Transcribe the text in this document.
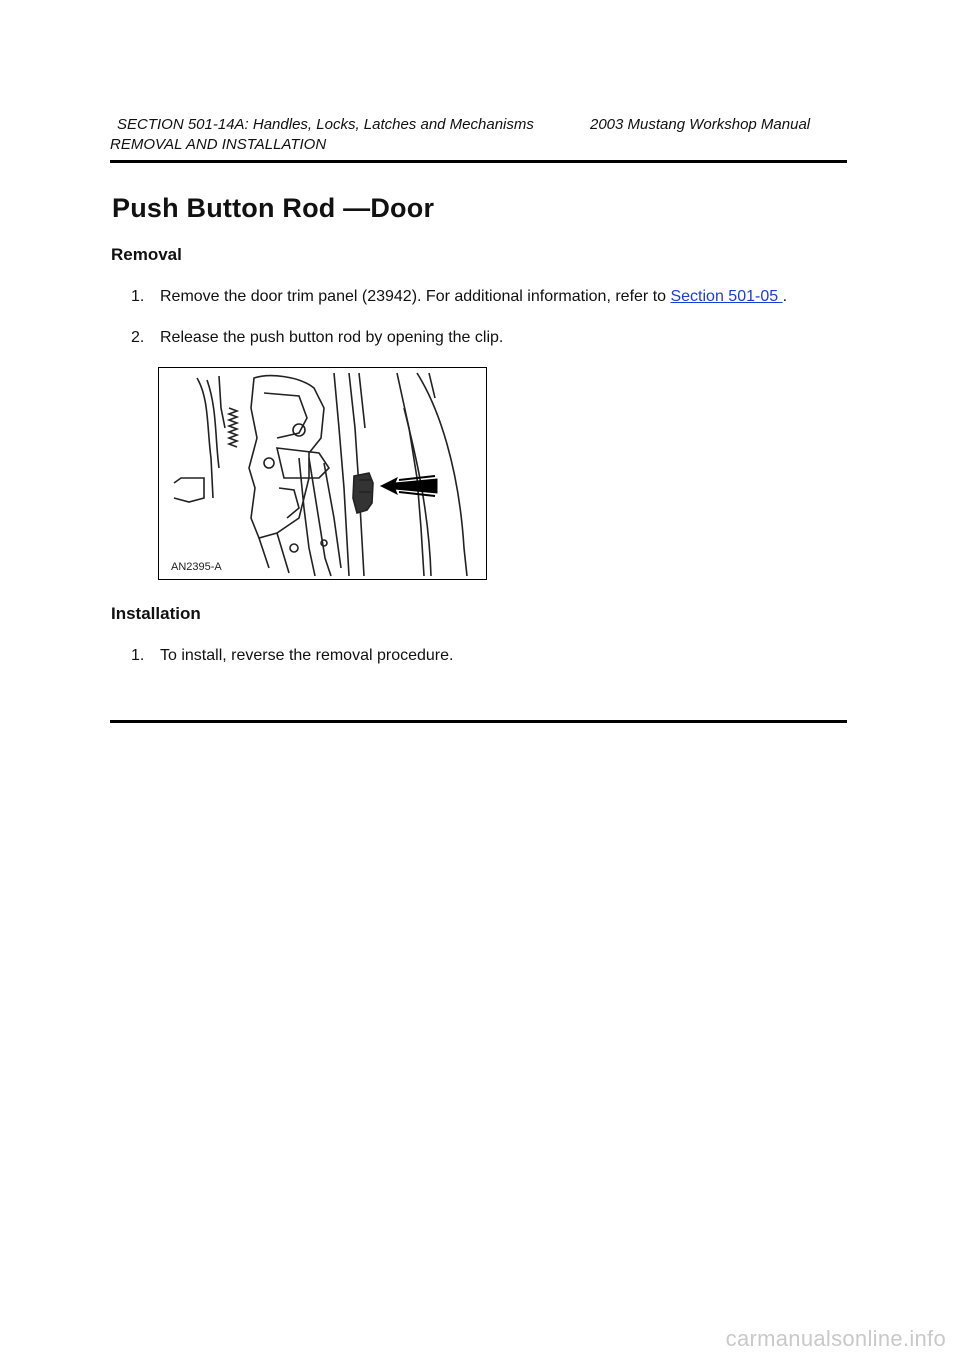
SECTION 501-14A: Handles, Locks, Latches and Mechanisms	2003 Mustang Workshop Manual
REMOVAL AND INSTALLATION
Push Button Rod —Door
Removal
1. Remove the door trim panel (23942). For additional information, refer to Section 501-05 .
2. Release the push button rod by opening the clip.
AN2395-A
Installation
1. To install, reverse the removal procedure.
carmanualsonline.info
